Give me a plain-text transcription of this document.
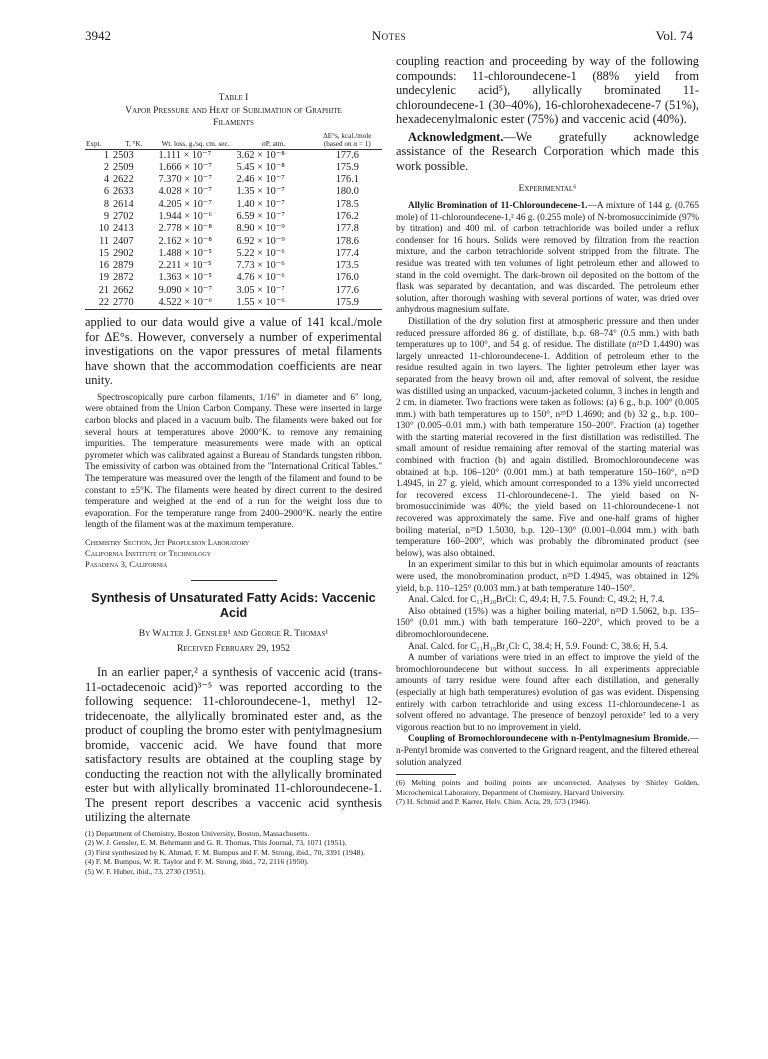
3942	Notes	Vol. 74
Table I
Vapor Pressure and Heat of Sublimation of Graphite
Filaments
Expt.	T, °K.	Wt. loss, g./sq. cm. sec.	σP, atm.	ΔE°s, kcal./mole (based on α = 1)
1	2503	1.111 × 10⁻⁷	3.62 × 10⁻⁸	177.6
2	2509	1.666 × 10⁻⁷	5.45 × 10⁻⁸	175.9
4	2622	7.370 × 10⁻⁷	2.46 × 10⁻⁷	176.1
6	2633	4.028 × 10⁻⁷	1.35 × 10⁻⁷	180.0
8	2614	4.205 × 10⁻⁷	1.40 × 10⁻⁷	178.5
9	2702	1.944 × 10⁻⁶	6.59 × 10⁻⁷	176.2
10	2413	2.778 × 10⁻⁸	8.90 × 10⁻⁹	177.8
11	2407	2.162 × 10⁻⁸	6.92 × 10⁻⁹	178.6
15	2902	1.488 × 10⁻⁵	5.22 × 10⁻⁶	177.4
16	2879	2.211 × 10⁻⁵	7.73 × 10⁻⁶	173.5
19	2872	1.363 × 10⁻⁵	4.76 × 10⁻⁶	176.0
21	2662	9.090 × 10⁻⁷	3.05 × 10⁻⁷	177.6
22	2770	4.522 × 10⁻⁶	1.55 × 10⁻⁶	175.9

applied to our data would give a value of 141 kcal./mole for ΔE°s. However, conversely a number of experimental investigations on the vapor pressures of metal filaments have shown that the accommodation coefficients are near unity.

Spectroscopically pure carbon filaments, 1/16" in diameter and 6" long, were obtained from the Union Carbon Company. These were inserted in large carbon blocks and placed in a vacuum bulb. The filaments were baked out for several hours at temperatures above 2000°K. to remove any remaining impurities. The temperature measurements were made with an optical pyrometer which was calibrated against a Bureau of Standards tungsten ribbon. The emissivity of carbon was obtained from the "International Critical Tables." The temperature was measured over the length of the filament and found to be constant to ±5°K. The filaments were heated by direct current to the desired temperature and weighed at the end of a run for the weight loss due to evaporation. For the temperature range from 2400–2900°K. nearly the entire length of the filament was at the maximum temperature.

Chemistry Section, Jet Propulsion Laboratory
California Institute of Technology
Pasadena 3, California
Synthesis of Unsaturated Fatty Acids: Vaccenic
Acid
By Walter J. Gensler¹ and George R. Thomas¹
Received February 29, 1952

In an earlier paper,² a synthesis of vaccenic acid (trans-11-octadecenoic acid)³⁻⁵ was reported according to the following sequence: 11-chloroundecene-1, methyl 12-tridecenoate, the allylically brominated ester and, as the product of coupling the bromo ester with pentylmagnesium bromide, vaccenic acid. We have found that more satisfactory results are obtained at the coupling stage by conducting the reaction not with the allylically brominated ester but with allylically brominated 11-chloroundecene-1. The present report describes a vaccenic acid synthesis utilizing the alternate

(1) Department of Chemistry, Boston University, Boston, Massachusetts.

(2) W. J. Gensler, E. M. Behrmann and G. R. Thomas, This Journal, 73, 1071 (1951).

(3) First synthesized by K. Ahmad, F. M. Bumpus and F. M. Strong, ibid., 70, 3391 (1948).

(4) F. M. Bumpus, W. R. Taylor and F. M. Strong, ibid., 72, 2116 (1950).

(5) W. F. Huber, ibid., 73, 2730 (1951).

coupling reaction and proceeding by way of the following compounds: 11-chloroundecene-1 (88% yield from undecylenic acid⁵), allylically brominated 11-chloroundecene-1 (30–40%), 16-chlorohexadecene-7 (51%), hexadecenylmalonic ester (75%) and vaccenic acid (40%).

Acknowledgment.—We gratefully acknowledge assistance of the Research Corporation which made this work possible.

Experimental⁶

Allylic Bromination of 11-Chloroundecene-1.—A mixture of 144 g. (0.765 mole) of 11-chloroundecene-1,² 46 g. (0.255 mole) of N-bromosuccinimide (97% by titration) and 400 ml. of carbon tetrachloride was boiled under a reflux condenser for 16 hours. Solids were removed by filtration from the reaction mixture, and the carbon tetrachloride solvent stripped from the filtrate. The residue was treated with ten volumes of light petroleum ether and allowed to stand in the cold overnight. The dark-brown oil deposited on the bottom of the flask was separated by decantation, and was discarded. The petroleum ether solution, after thorough washing with several portions of water, was dried over anhydrous magnesium sulfate.

Distillation of the dry solution first at atmospheric pressure and then under reduced pressure afforded 86 g. of distillate, b.p. 68–74° (0.5 mm.) with bath temperatures up to 100°, and 54 g. of residue. The distillate (n²⁵D 1.4490) was largely unreacted 11-chloroundecene-1. Addition of petroleum ether to the residue resulted again in two layers. The lighter petroleum ether layer was separated from the heavy brown oil and, after removal of solvent, the residue was distilled using an unpacked, vacuum-jacketed column, 3 inches in length and 2 cm. in diameter. Two fractions were taken as follows: (a) 6 g., b.p. 100° (0.005 mm.) with bath temperatures up to 150°, n²⁵D 1.4690; and (b) 32 g., b.p. 100–130° (0.005–0.01 mm.) with bath temperature 150–200°. Fraction (a) together with the starting material recovered in the first distillation was redistilled. The small amount of residue remaining after removal of the starting material was combined with fraction (b) and again distilled. Bromochloroundecene was obtained at b.p. 106–120° (0.001 mm.) at bath temperature 150–160°, n²⁵D 1.4945, in 27 g. yield, which amount corresponded to a 13% yield uncorrected for recovered excess 11-chloroundecene-1. The yield based on N-bromosuccinimide was 40%; the yield based on 11-chloroundecene-1 not recovered was approximately the same. Five and one-half grams of higher boiling material, n²⁵D 1.5030, b.p. 120–130° (0.001–0.004 mm.) with bath temperature 160–200°, which was probably the dibrominated product (see below), was also obtained.

In an experiment similar to this but in which equimolar amounts of reactants were used, the monobromination product, n²⁵D 1.4945, was obtained in 12% yield, b.p. 110–125° (0.003 mm.) at bath temperature 140–150°.

Anal. Calcd. for C₁₁H₂₀BrCl: C, 49.4; H, 7.5. Found: C, 49.2; H, 7.4.

Also obtained (15%) was a higher boiling material, n²⁵D 1.5062, b.p. 135–150° (0.01 mm.) with bath temperature 160–220°, which proved to be a dibromochloroundecene.

Anal. Calcd. for C₁₁H₁₉Br₂Cl: C, 38.4; H, 5.9. Found: C, 38.6; H, 5.4.

A number of variations were tried in an effect to improve the yield of the bromochloroundecene but without success. In all experiments appreciable amounts of tarry residue were found after each distillation, and generally (especially at high bath temperatures) evolution of gas was evident. Dispensing entirely with carbon tetrachloride and using excess 11-chloroundecene-1 as solvent offered no advantage. The presence of benzoyl peroxide⁷ led to a very vigorous reaction but to no improvement in yield.

Coupling of Bromochloroundecene with n-Pentylmagnesium Bromide.—n-Pentyl bromide was converted to the Grignard reagent, and the filtered ethereal solution analyzed

(6) Melting points and boiling points are uncorrected. Analyses by Shirley Golden, Microchemical Laboratory, Department of Chemistry, Harvard University.

(7) H. Schmid and P. Karrer, Helv. Chim. Acta, 29, 573 (1946).
